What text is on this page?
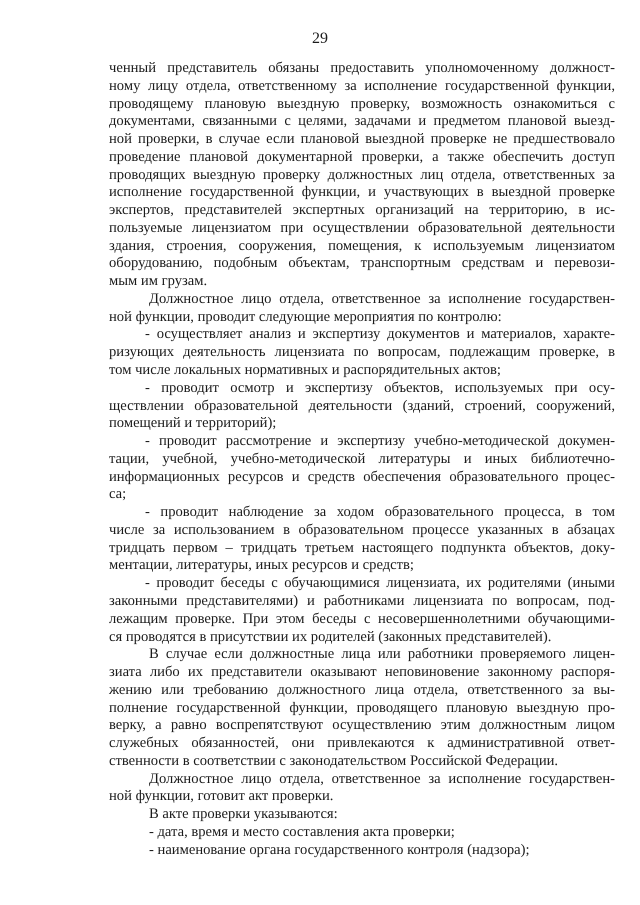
29
ченный представитель обязаны предоставить уполномоченному должност-
ному лицу отдела, ответственному за исполнение государственной функции,
проводящему плановую выездную проверку, возможность ознакомиться с
документами, связанными с целями, задачами и предметом плановой выезд-
ной проверки, в случае если плановой выездной проверке не предшествовало
проведение плановой документарной проверки, а также обеспечить доступ
проводящих выездную проверку должностных лиц отдела, ответственных за
исполнение государственной функции, и участвующих в выездной проверке
экспертов, представителей экспертных организаций на территорию, в ис-
пользуемые лицензиатом при осуществлении образовательной деятельности
здания, строения, сооружения, помещения, к используемым лицензиатом
оборудованию, подобным объектам, транспортным средствам и перевози-
мым им грузам.
Должностное лицо отдела, ответственное за исполнение государствен-
ной функции, проводит следующие мероприятия по контролю:
- осуществляет анализ и экспертизу документов и материалов, характе-
ризующих деятельность лицензиата по вопросам, подлежащим проверке, в
том числе локальных нормативных и распорядительных актов;
- проводит осмотр и экспертизу объектов, используемых при осу-
ществлении образовательной деятельности (зданий, строений, сооружений,
помещений и территорий);
- проводит рассмотрение и экспертизу учебно-методической докумен-
тации, учебной, учебно-методической литературы и иных библиотечно-
информационных ресурсов и средств обеспечения образовательного процес-
са;
- проводит наблюдение за ходом образовательного процесса, в том
числе за использованием в образовательном процессе указанных в абзацах
тридцать первом – тридцать третьем настоящего подпункта объектов, доку-
ментации, литературы, иных ресурсов и средств;
- проводит беседы с обучающимися лицензиата, их родителями (иными
законными представителями) и работниками лицензиата по вопросам, под-
лежащим проверке. При этом беседы с несовершеннолетними обучающими-
ся проводятся в присутствии их родителей (законных представителей).
В случае если должностные лица или работники проверяемого лицен-
зиата либо их представители оказывают неповиновение законному распоря-
жению или требованию должностного лица отдела, ответственного за вы-
полнение государственной функции, проводящего плановую выездную про-
верку, а равно воспрепятствуют осуществлению этим должностным лицом
служебных обязанностей, они привлекаются к административной ответ-
ственности в соответствии с законодательством Российской Федерации.
Должностное лицо отдела, ответственное за исполнение государствен-
ной функции, готовит акт проверки.
В акте проверки указываются:
- дата, время и место составления акта проверки;
- наименование органа государственного контроля (надзора);
